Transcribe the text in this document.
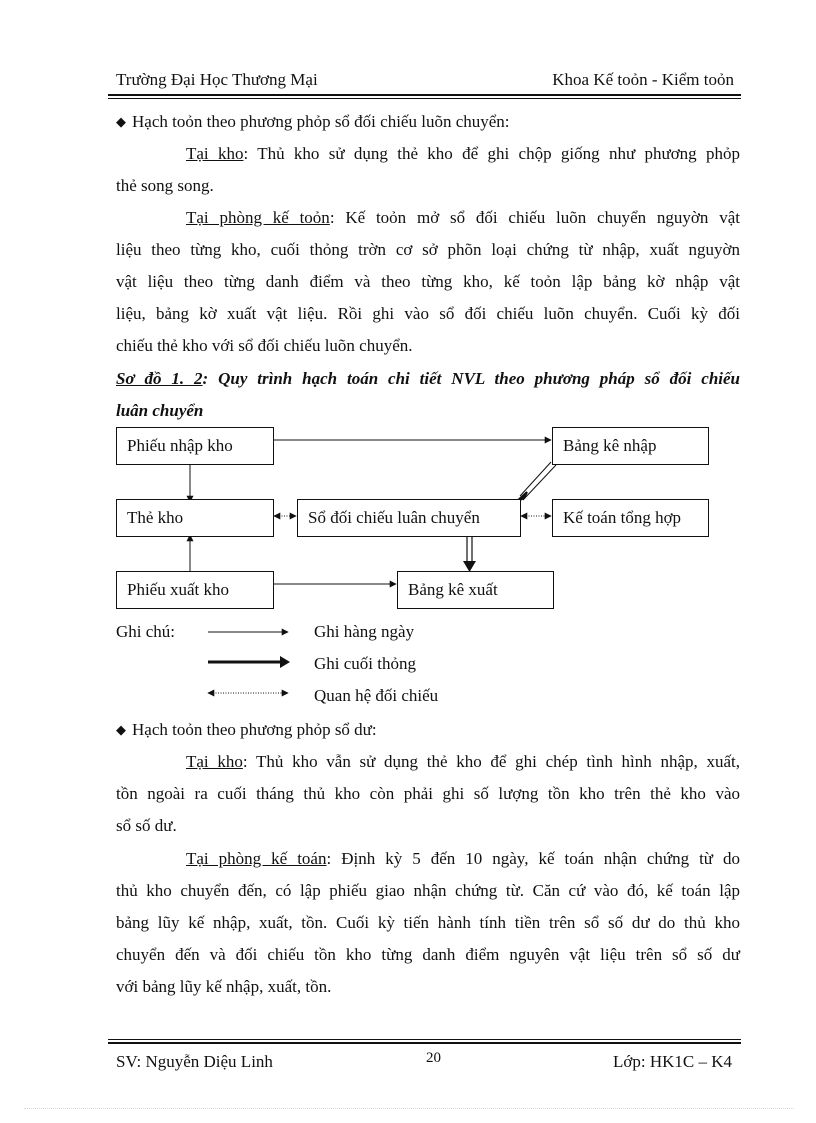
Trường Đại Học Thương Mại	Khoa Kế toỏn - Kiểm toỏn

◆ Hạch toỏn theo phương phỏp sổ đối chiếu luõn chuyển:

Tại kho: Thủ kho sử dụng thẻ kho để ghi chộp giống như phương phỏp

thẻ song song.

Tại phòng kế toỏn: Kế toỏn mở sổ đối chiếu luõn chuyển nguyờn vật

liệu theo từng kho, cuối thỏng trờn cơ sở phõn loại chứng từ nhập, xuất nguyờn

vật liệu theo từng danh điểm và theo từng kho, kế toỏn lập bảng kờ nhập vật

liệu, bảng kờ xuất vật liệu. Rồi ghi vào sổ đối chiếu luõn chuyển. Cuối kỳ đối

chiếu thẻ kho với sổ đối chiếu luõn chuyển.

Sơ đồ 1. 2: Quy trình hạch toán chi tiết NVL theo phương pháp sổ đối chiếu

luân chuyển

Phiếu nhập kho	Bảng kê nhập
Thẻ kho	Sổ đối chiếu luân chuyển	Kế toán tổng hợp
Phiếu xuất kho	Bảng kê xuất
Ghi chú:	Ghi hàng ngày
Ghi cuối thỏng
Quan hệ đối chiếu

◆ Hạch toỏn theo phương phỏp sổ dư:

Tại kho: Thủ kho vẫn sử dụng thẻ kho để ghi chép tình hình nhập, xuất,

tồn ngoài ra cuối tháng thủ kho còn phải ghi số lượng tồn kho trên thẻ kho vào

sổ số dư.

Tại phòng kế toán: Định kỳ 5 đến 10 ngày, kế toán nhận chứng từ do

thủ kho chuyển đến, có lập phiếu giao nhận chứng từ. Căn cứ vào đó, kế toán lập

bảng lũy kế nhập, xuất, tồn. Cuối kỳ tiến hành tính tiền trên sổ số dư do thủ kho

chuyển đến và đối chiếu tồn kho từng danh điểm nguyên vật liệu trên sổ số dư

với bảng lũy kế nhập, xuất, tồn.

SV: Nguyễn Diệu Linh	20	Lớp: HK1C – K4
